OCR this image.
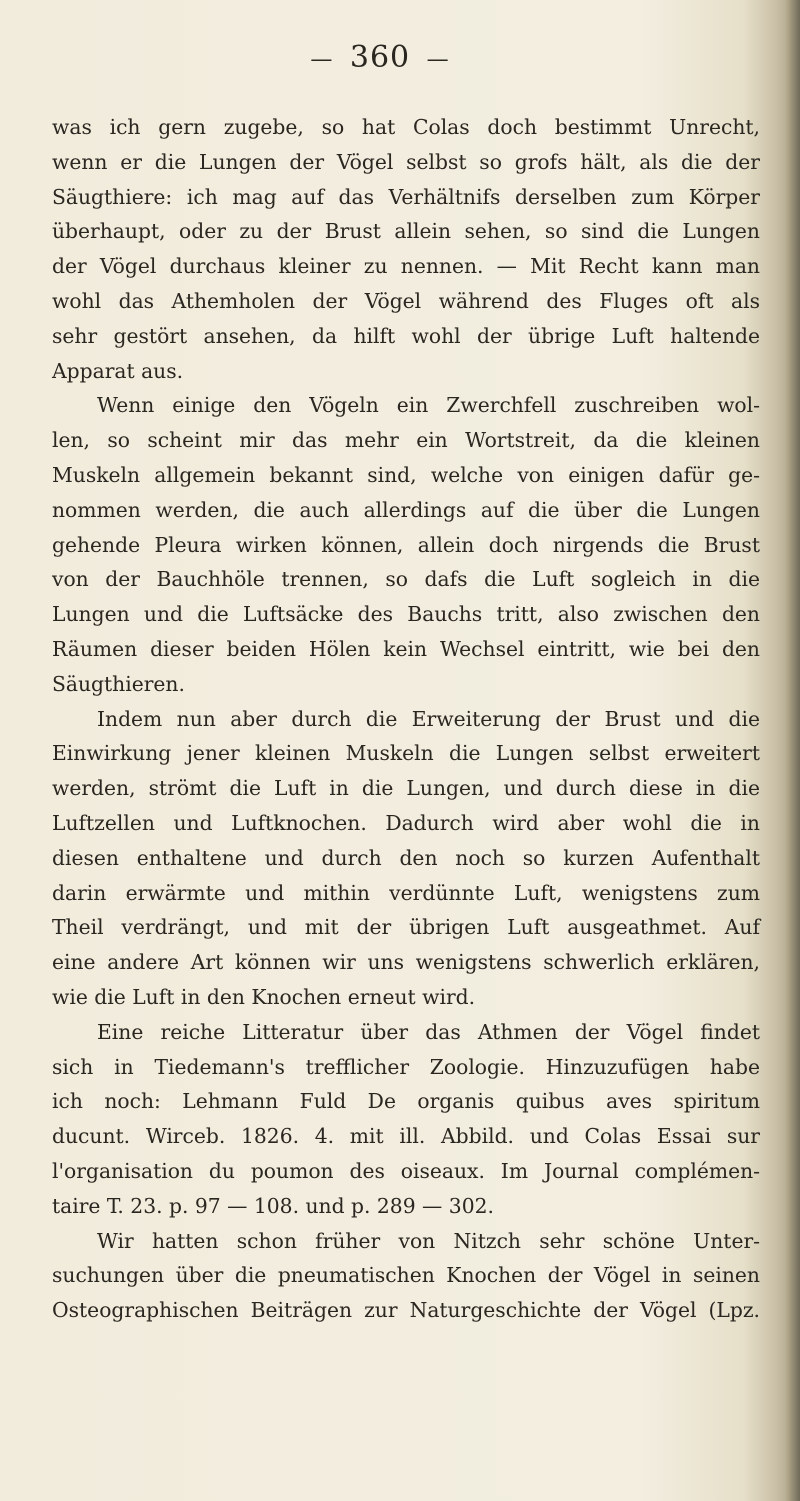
— 360 —
was ich gern zugebe, so hat Colas doch bestimmt Unrecht,
wenn er die Lungen der Vögel selbst so grofs hält, als die der
Säugthiere: ich mag auf das Verhältnifs derselben zum Körper
überhaupt, oder zu der Brust allein sehen, so sind die Lungen
der Vögel durchaus kleiner zu nennen. — Mit Recht kann man
wohl das Athemholen der Vögel während des Fluges oft als
sehr gestört ansehen, da hilft wohl der übrige Luft haltende
Apparat aus.
Wenn einige den Vögeln ein Zwerchfell zuschreiben wol-
len, so scheint mir das mehr ein Wortstreit, da die kleinen
Muskeln allgemein bekannt sind, welche von einigen dafür ge-
nommen werden, die auch allerdings auf die über die Lungen
gehende Pleura wirken können, allein doch nirgends die Brust
von der Bauchhöle trennen, so dafs die Luft sogleich in die
Lungen und die Luftsäcke des Bauchs tritt, also zwischen den
Räumen dieser beiden Hölen kein Wechsel eintritt, wie bei den
Säugthieren.
Indem nun aber durch die Erweiterung der Brust und die
Einwirkung jener kleinen Muskeln die Lungen selbst erweitert
werden, strömt die Luft in die Lungen, und durch diese in die
Luftzellen und Luftknochen. Dadurch wird aber wohl die in
diesen enthaltene und durch den noch so kurzen Aufenthalt
darin erwärmte und mithin verdünnte Luft, wenigstens zum
Theil verdrängt, und mit der übrigen Luft ausgeathmet. Auf
eine andere Art können wir uns wenigstens schwerlich erklären,
wie die Luft in den Knochen erneut wird.
Eine reiche Litteratur über das Athmen der Vögel findet
sich in Tiedemann's trefflicher Zoologie. Hinzuzufügen habe
ich noch: Lehmann Fuld De organis quibus aves spiritum
ducunt. Wirceb. 1826. 4. mit ill. Abbild. und Colas Essai sur
l'organisation du poumon des oiseaux. Im Journal complémen-
taire T. 23. p. 97 — 108. und p. 289 — 302.
Wir hatten schon früher von Nitzch sehr schöne Unter-
suchungen über die pneumatischen Knochen der Vögel in seinen
Osteographischen Beiträgen zur Naturgeschichte der Vögel (Lpz.
